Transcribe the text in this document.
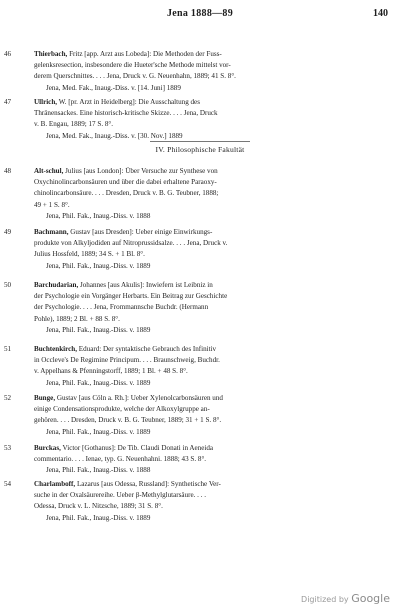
Jena 1888—89	140
46	Thierbach, Fritz [app. Arzt aus Lobeda]: Die Methoden der Fuss-
gelenksresection, insbesondere die Hueter'sche Methode mittelst vor-
derem Querschnittes. . . . Jena, Druck v. G. Neuenhahn, 1889; 41 S. 8°.
Jena, Med. Fak., Inaug.-Diss. v. [14. Juni] 1889
47	Ullrich, W. [pr. Arzt in Heidelberg]: Die Ausschaltung des
Thränensackes. Eine historisch-kritische Skizze. . . . Jena, Druck
v. B. Engau, 1889; 17 S. 8°.
Jena, Med. Fak., Inaug.-Diss. v. [30. Nov.] 1889
IV. Philosophische Fakultät
48	Alt-schul, Julius [aus London]: Über Versuche zur Synthese von
Oxychinolincarbonsäuren und über die dabei erhaltene Paraoxy-
chinolincarbonsäure. . . . Dresden, Druck v. B. G. Teubner, 1888;
49 + 1 S. 8°.
Jena, Phil. Fak., Inaug.-Diss. v. 1888
49	Bachmann, Gustav [aus Dresden]: Ueber einige Einwirkungs-
produkte von Alkyljodiden auf Nitroprussidsalze. . . . Jena, Druck v.
Julius Hossfeld, 1889; 34 S. + 1 Bl. 8°.
Jena, Phil. Fak., Inaug.-Diss. v. 1889
50	Barchudarian, Johannes [aus Akulis]: Inwiefern ist Leibniz in
der Psychologie ein Vorgänger Herbarts. Ein Beitrag zur Geschichte
der Psychologie. . . . Jena, Frommannsche Buchdr. (Hermann
Pohle), 1889; 2 Bl. + 88 S. 8°.
Jena, Phil. Fak., Inaug.-Diss. v. 1889
51	Buchtenkirch, Eduard: Der syntaktische Gebrauch des Infinitiv
in Occleve's De Regimine Principum. . . . Braunschweig, Buchdr.
v. Appelhans & Pfenningstorff, 1889; 1 Bl. + 48 S. 8°.
Jena, Phil. Fak., Inaug.-Diss. v. 1889
52	Bunge, Gustav [aus Cöln a. Rh.]: Ueber Xylenolcarbonsäuren und
einige Condensationsprodukte, welche der Alkoxylgruppe an-
gehören. . . . Dresden, Druck v. B. G. Teubner, 1889; 31 + 1 S. 8°.
Jena, Phil. Fak., Inaug.-Diss. v. 1889
53	Burckas, Victor [Gothanus]: De Tib. Claudi Donati in Aeneida
commentario. . . . Ienae, typ. G. Neuenhahni. 1888; 43 S. 8°.
Jena, Phil. Fak., Inaug.-Diss. v. 1888
54	Charlamboff, Lazarus [aus Odessa, Russland]: Synthetische Ver-
suche in der Oxalsäurereihe. Ueber β-Methylglutarsäure. . . .
Odessa, Druck v. L. Nitzsche, 1889; 31 S. 8°.
Jena, Phil. Fak., Inaug.-Diss. v. 1889
Digitized by Google
